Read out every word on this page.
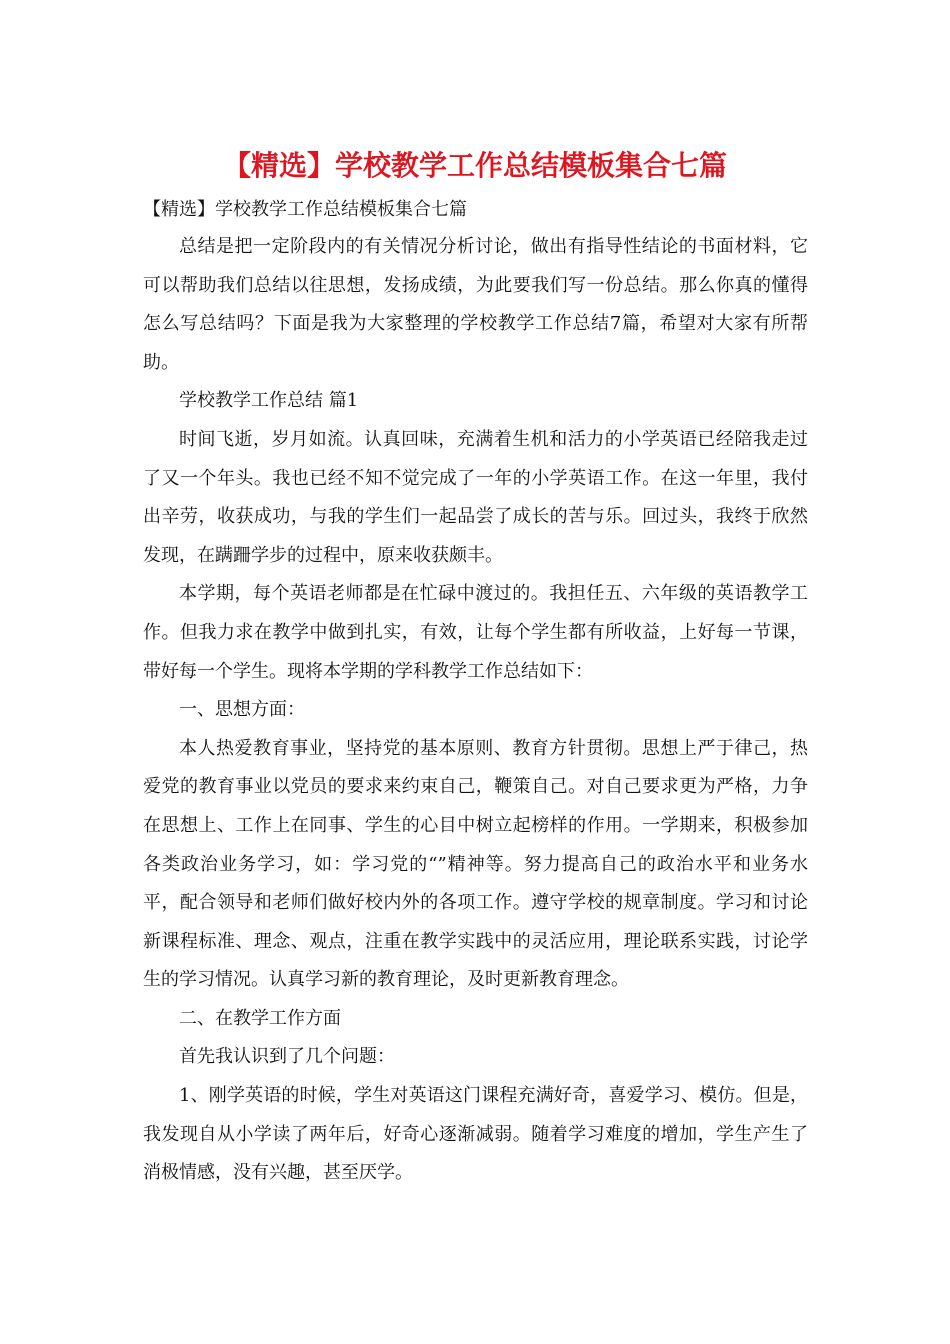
【精选】学校教学工作总结模板集合七篇
【精选】学校教学工作总结模板集合七篇

总结是把一定阶段内的有关情况分析讨论，做出有指导性结论的书面材料，它可以帮助我们总结以往思想，发扬成绩，为此要我们写一份总结。那么你真的懂得怎么写总结吗？下面是我为大家整理的学校教学工作总结7篇，希望对大家有所帮助。

学校教学工作总结 篇1

时间飞逝，岁月如流。认真回味，充满着生机和活力的小学英语已经陪我走过了又一个年头。我也已经不知不觉完成了一年的小学英语工作。在这一年里，我付出辛劳，收获成功，与我的学生们一起品尝了成长的苦与乐。回过头，我终于欣然发现，在蹒跚学步的过程中，原来收获颇丰。

本学期，每个英语老师都是在忙碌中渡过的。我担任五、六年级的英语教学工作。但我力求在教学中做到扎实，有效，让每个学生都有所收益，上好每一节课，带好每一个学生。现将本学期的学科教学工作总结如下：

一、思想方面：

本人热爱教育事业，坚持党的基本原则、教育方针贯彻。思想上严于律己，热爱党的教育事业以党员的要求来约束自己，鞭策自己。对自己要求更为严格，力争在思想上、工作上在同事、学生的心目中树立起榜样的作用。一学期来，积极参加各类政治业务学习，如：学习党的“”精神等。努力提高自己的政治水平和业务水平，配合领导和老师们做好校内外的各项工作。遵守学校的规章制度。学习和讨论新课程标准、理念、观点，注重在教学实践中的灵活应用，理论联系实践，讨论学生的学习情况。认真学习新的教育理论，及时更新教育理念。

二、在教学工作方面

首先我认识到了几个问题：

1、刚学英语的时候，学生对英语这门课程充满好奇，喜爱学习、模仿。但是，我发现自从小学读了两年后，好奇心逐渐减弱。随着学习难度的增加，学生产生了消极情感，没有兴趣，甚至厌学。
